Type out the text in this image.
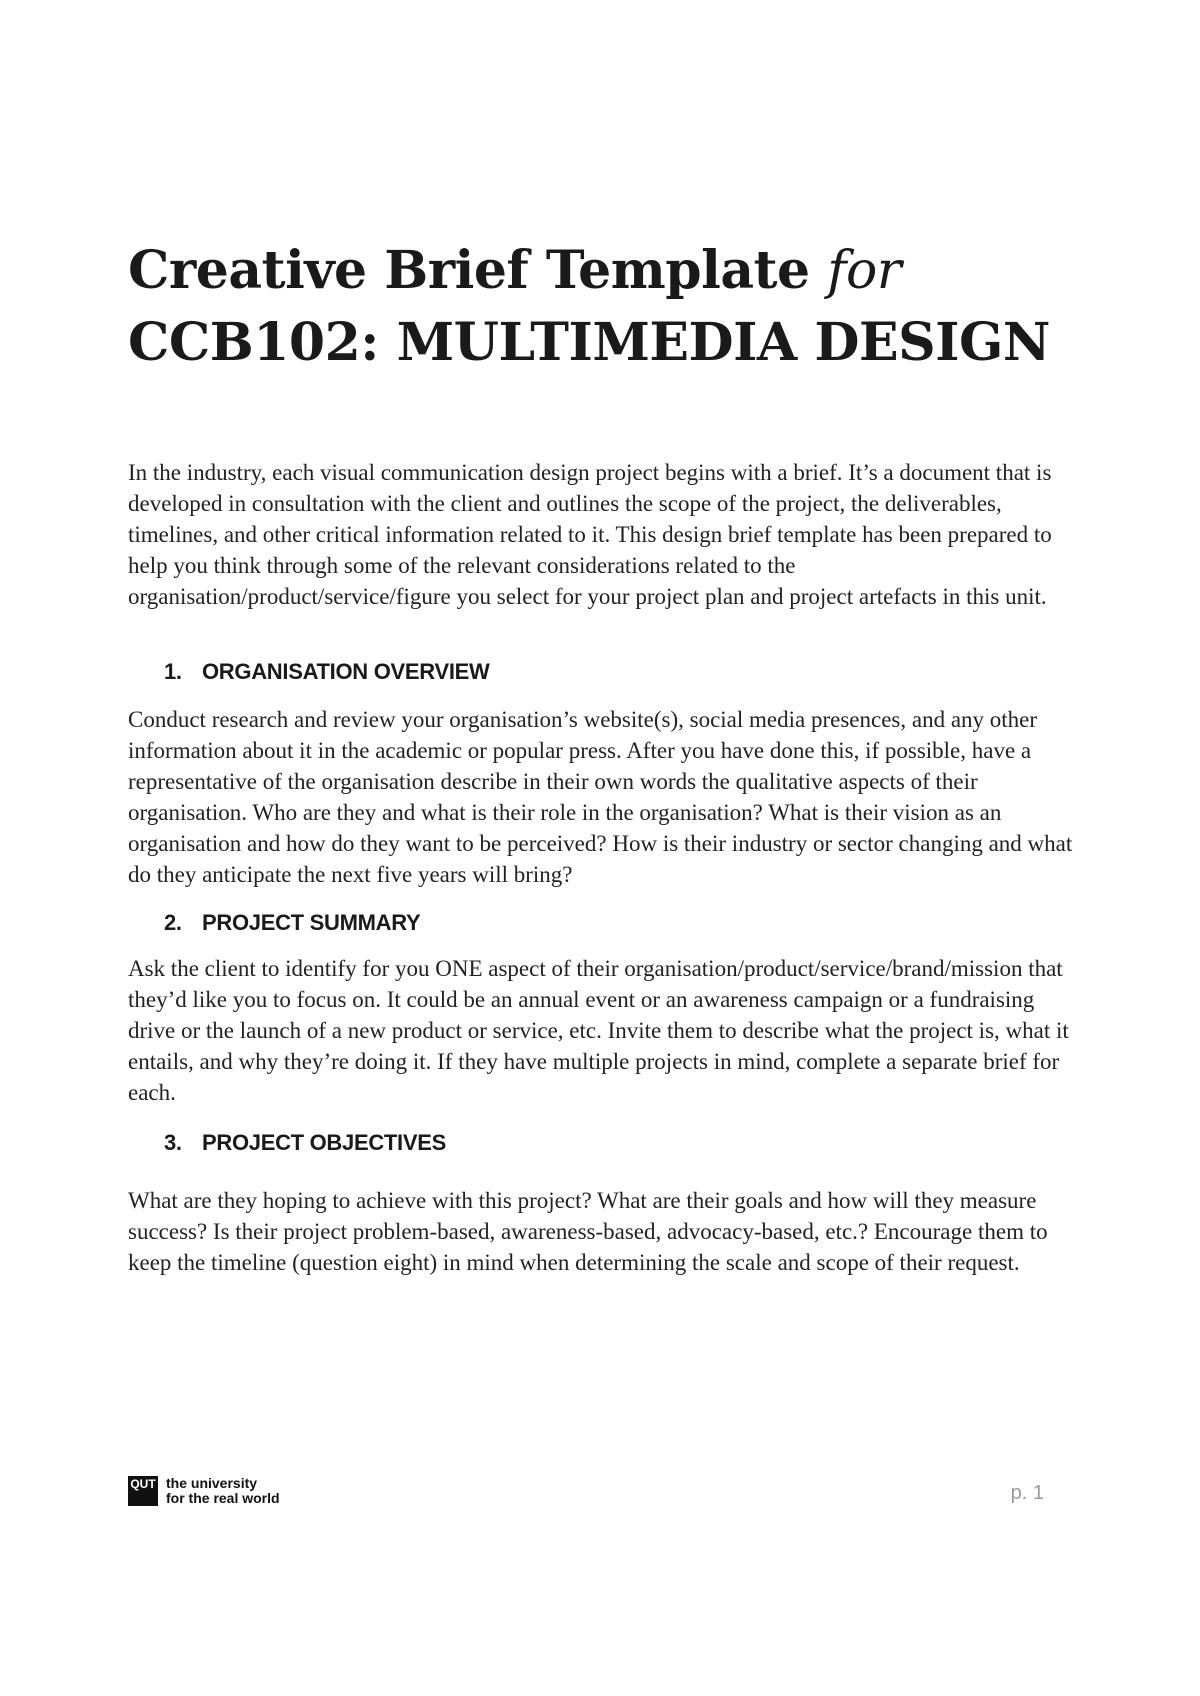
Creative Brief Template for
CCB102: MULTIMEDIA DESIGN

In the industry, each visual communication design project begins with a brief. It’s a document that is developed in consultation with the client and outlines the scope of the project, the deliverables, timelines, and other critical information related to it. This design brief template has been prepared to help you think through some of the relevant considerations related to the organisation/product/service/figure you select for your project plan and project artefacts in this unit.

1. ORGANISATION OVERVIEW

Conduct research and review your organisation’s website(s), social media presences, and any other information about it in the academic or popular press. After you have done this, if possible, have a representative of the organisation describe in their own words the qualitative aspects of their organisation. Who are they and what is their role in the organisation? What is their vision as an organisation and how do they want to be perceived? How is their industry or sector changing and what do they anticipate the next five years will bring?

2. PROJECT SUMMARY

Ask the client to identify for you ONE aspect of their organisation/product/service/brand/mission that they’d like you to focus on. It could be an annual event or an awareness campaign or a fundraising drive or the launch of a new product or service, etc. Invite them to describe what the project is, what it entails, and why they’re doing it. If they have multiple projects in mind, complete a separate brief for each.

3. PROJECT OBJECTIVES

What are they hoping to achieve with this project? What are their goals and how will they measure success? Is their project problem-based, awareness-based, advocacy-based, etc.? Encourage them to keep the timeline (question eight) in mind when determining the scale and scope of their request.

QUT the university
for the real world	p. 1
